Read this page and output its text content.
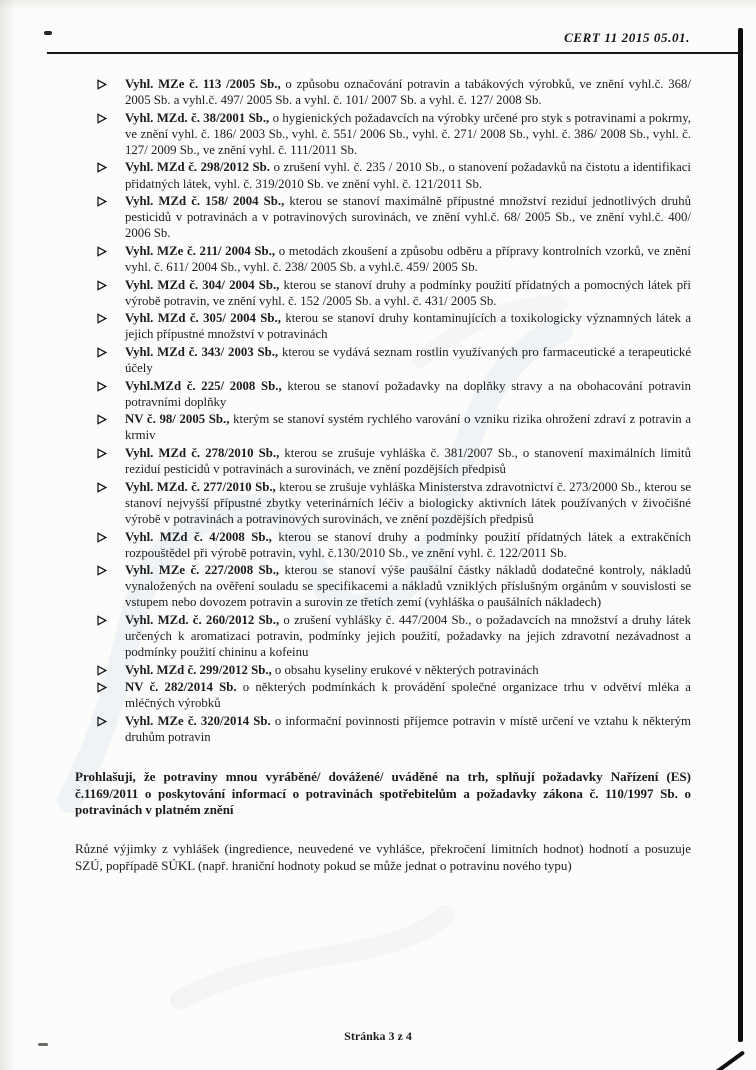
CERT 11 2015 05.01.
Vyhl. MZe č. 113 /2005 Sb., o způsobu označování potravin a tabákových výrobků, ve znění vyhl.č. 368/ 2005 Sb. a vyhl.č. 497/ 2005 Sb. a vyhl. č. 101/ 2007 Sb. a vyhl. č. 127/ 2008 Sb.
Vyhl. MZd. č. 38/2001 Sb., o hygienických požadavcích na výrobky určené pro styk s potravinami a pokrmy, ve znění vyhl. č. 186/ 2003 Sb., vyhl. č. 551/ 2006 Sb., vyhl. č. 271/ 2008 Sb., vyhl. č. 386/ 2008 Sb., vyhl. č. 127/ 2009 Sb., ve znění vyhl. č. 111/2011 Sb.
Vyhl. MZd č. 298/2012 Sb. o zrušení vyhl. č. 235 / 2010 Sb., o stanovení požadavků na čistotu a identifikaci přidatných látek, vyhl. č. 319/2010 Sb. ve znění vyhl. č. 121/2011 Sb.
Vyhl. MZd č. 158/ 2004 Sb., kterou se stanoví maximálně přípustné množství reziduí jednotlivých druhů pesticidů v potravinách a v potravinových surovinách, ve znění vyhl.č. 68/ 2005 Sb., ve znění vyhl.č. 400/ 2006 Sb.
Vyhl. MZe č. 211/ 2004 Sb., o metodách zkoušení a způsobu odběru a přípravy kontrolních vzorků, ve znění vyhl. č. 611/ 2004 Sb., vyhl. č. 238/ 2005 Sb. a vyhl.č. 459/ 2005 Sb.
Vyhl. MZd č. 304/ 2004 Sb., kterou se stanoví druhy a podmínky použití přídatných a pomocných látek při výrobě potravin, ve znění vyhl. č. 152 /2005 Sb. a vyhl. č. 431/ 2005 Sb.
Vyhl. MZd č. 305/ 2004 Sb., kterou se stanoví druhy kontaminujících a toxikologicky významných látek a jejich přípustné množství v potravinách
Vyhl. MZd č. 343/ 2003 Sb., kterou se vydává seznam rostlin využívaných pro farmaceutické a terapeutické účely
Vyhl.MZd č. 225/ 2008 Sb., kterou se stanoví požadavky na doplňky stravy a na obohacování potravin potravními doplňky
NV č. 98/ 2005 Sb., kterým se stanoví systém rychlého varování o vzniku rizika ohrožení zdraví z potravin a krmiv
Vyhl. MZd č. 278/2010 Sb., kterou se zrušuje vyhláška č. 381/2007 Sb., o stanovení maximálních limitů reziduí pesticidů v potravinách a surovinách, ve znění pozdějších předpisů
Vyhl. MZd. č. 277/2010 Sb., kterou se zrušuje vyhláška Ministerstva zdravotnictví č. 273/2000 Sb., kterou se stanoví nejvyšší přípustné zbytky veterinárních léčiv a biologicky aktivních látek používaných v živočišné výrobě v potravinách a potravinových surovinách, ve znění pozdějších předpisů
Vyhl. MZd č. 4/2008 Sb., kterou se stanoví druhy a podmínky použití přídatných látek a extrakčních rozpouštědel při výrobě potravin, vyhl. č.130/2010 Sb., ve znění vyhl. č. 122/2011 Sb.
Vyhl. MZe č. 227/2008 Sb., kterou se stanoví výše paušální částky nákladů dodatečné kontroly, nákladů vynaložených na ověření souladu se specifikacemi a nákladů vzniklých příslušným orgánům v souvislosti se vstupem nebo dovozem potravin a surovin ze třetích zemí (vyhláška o paušálních nákladech)
Vyhl. MZd. č. 260/2012 Sb., o zrušení vyhlášky č. 447/2004 Sb., o požadavcích na množství a druhy látek určených k aromatizaci potravin, podmínky jejich použití, požadavky na jejich zdravotní nezávadnost a podmínky použití chininu a kofeinu
Vyhl. MZd č. 299/2012 Sb., o obsahu kyseliny erukové v některých potravinách
NV č. 282/2014 Sb. o některých podmínkách k provádění společné organizace trhu v odvětví mléka a mléčných výrobků
Vyhl. MZe č. 320/2014 Sb. o informační povinnosti příjemce potravin v místě určení ve vztahu k některým druhům potravin

Prohlašuji, že potraviny mnou vyráběné/ dovážené/ uváděné na trh, splňují požadavky Nařízení (ES) č.1169/2011 o poskytování informací o potravinách spotřebitelům a požadavky zákona č. 110/1997 Sb. o potravinách v platném znění

Různé výjimky z vyhlášek (ingredience, neuvedené ve vyhlášce, překročení limitních hodnot) hodnotí a posuzuje SZÚ, popřípadě SÚKL (např. hraniční hodnoty pokud se může jednat o potravinu nového typu)

Stránka 3 z 4
